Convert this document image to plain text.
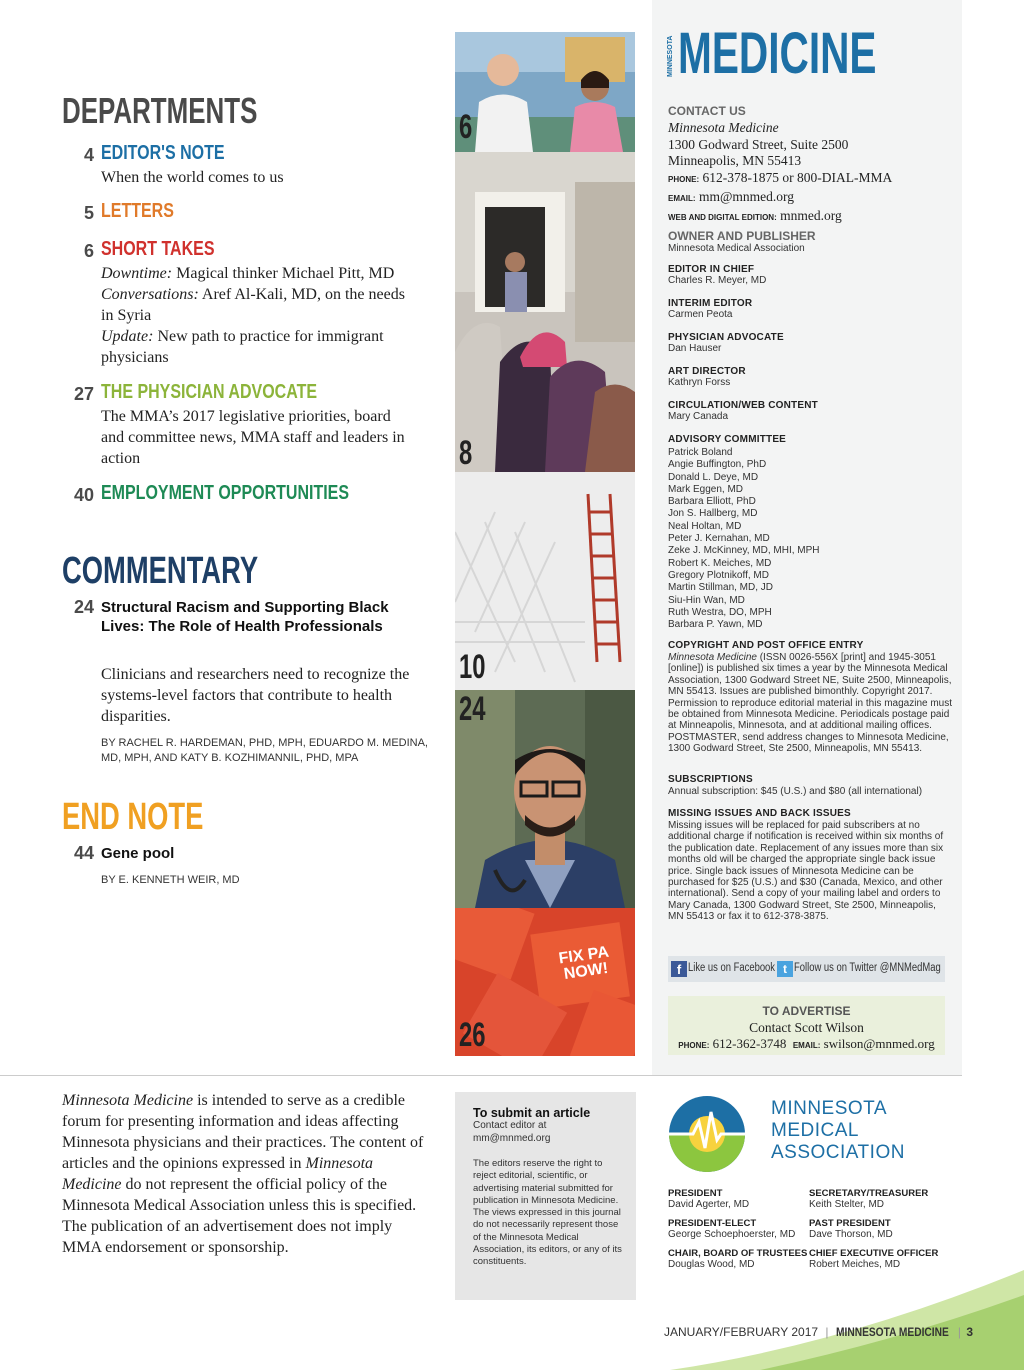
DEPARTMENTS
4 EDITOR'S NOTE
When the world comes to us
5 LETTERS
6 SHORT TAKES
Downtime: Magical thinker Michael Pitt, MD
Conversations: Aref Al-Kali, MD, on the needs in Syria
Update: New path to practice for immigrant physicians
27 THE PHYSICIAN ADVOCATE
The MMA’s 2017 legislative priorities, board and committee news, MMA staff and leaders in action
40 EMPLOYMENT OPPORTUNITIES
COMMENTARY
24 Structural Racism and Supporting Black Lives: The Role of Health Professionals
Clinicians and researchers need to recognize the systems-level factors that contribute to health disparities.
BY RACHEL R. HARDEMAN, PHD, MPH, EDUARDO M. MEDINA, MD, MPH, AND KATY B. KOZHIMANNIL, PHD, MPA
END NOTE
44 Gene pool
BY E. KENNETH WEIR, MD
6
8
10
24
FIX PA NOW!
26
MINNESOTA MEDICINE
CONTACT US
Minnesota Medicine
1300 Godward Street, Suite 2500
Minneapolis, MN 55413
PHONE: 612-378-1875 or 800-DIAL-MMA
EMAIL: mm@mnmed.org
WEB AND DIGITAL EDITION: mnmed.org
OWNER AND PUBLISHER
Minnesota Medical Association
EDITOR IN CHIEF
Charles R. Meyer, MD
INTERIM EDITOR
Carmen Peota
PHYSICIAN ADVOCATE
Dan Hauser
ART DIRECTOR
Kathryn Forss
CIRCULATION/WEB CONTENT
Mary Canada
ADVISORY COMMITTEE
Patrick Boland
Angie Buffington, PhD
Donald L. Deye, MD
Mark Eggen, MD
Barbara Elliott, PhD
Jon S. Hallberg, MD
Neal Holtan, MD
Peter J. Kernahan, MD
Zeke J. McKinney, MD, MHI, MPH
Robert K. Meiches, MD
Gregory Plotnikoff, MD
Martin Stillman, MD, JD
Siu-Hin Wan, MD
Ruth Westra, DO, MPH
Barbara P. Yawn, MD
COPYRIGHT AND POST OFFICE ENTRY
Minnesota Medicine (ISSN 0026-556X [print] and 1945-3051 [online]) is published six times a year by the Minnesota Medical Association, 1300 Godward Street NE, Suite 2500, Minneapolis, MN 55413. Issues are published bimonthly. Copyright 2017. Permission to reproduce editorial material in this magazine must be obtained from Minnesota Medicine. Periodicals postage paid at Minneapolis, Minnesota, and at additional mailing offices. POSTMASTER, send address changes to Minnesota Medicine, 1300 Godward Street, Ste 2500, Minneapolis, MN 55413.
SUBSCRIPTIONS
Annual subscription: $45 (U.S.) and $80 (all international)
MISSING ISSUES AND BACK ISSUES
Missing issues will be replaced for paid subscribers at no additional charge if notification is received within six months of the publication date. Replacement of any issues more than six months old will be charged the appropriate single back issue price. Single back issues of Minnesota Medicine can be purchased for $25 (U.S.) and $30 (Canada, Mexico, and other international). Send a copy of your mailing label and orders to Mary Canada, 1300 Godward Street, Ste 2500, Minneapolis, MN 55413 or fax it to 612-378-3875.
f Like us on Facebook t Follow us on Twitter @MNMedMag
TO ADVERTISE
Contact Scott Wilson
PHONE: 612-362-3748 EMAIL: swilson@mnmed.org
Minnesota Medicine is intended to serve as a credible forum for presenting information and ideas affecting Minnesota physicians and their practices. The content of articles and the opinions expressed in Minnesota Medicine do not represent the official policy of the Minnesota Medical Association unless this is specified. The publication of an advertisement does not imply MMA endorsement or sponsorship.
To submit an article
Contact editor at mm@mnmed.org
The editors reserve the right to reject editorial, scientific, or advertising material submitted for publication in Minnesota Medicine. The views expressed in this journal do not necessarily represent those of the Minnesota Medical Association, its editors, or any of its constituents.
MINNESOTA
MEDICAL
ASSOCIATION
PRESIDENT
David Agerter, MD
SECRETARY/TREASURER
Keith Stelter, MD
PRESIDENT-ELECT
George Schoephoerster, MD
PAST PRESIDENT
Dave Thorson, MD
CHAIR, BOARD OF TRUSTEES
Douglas Wood, MD
CHIEF EXECUTIVE OFFICER
Robert Meiches, MD
JANUARY/FEBRUARY 2017 | MINNESOTA MEDICINE | 3
